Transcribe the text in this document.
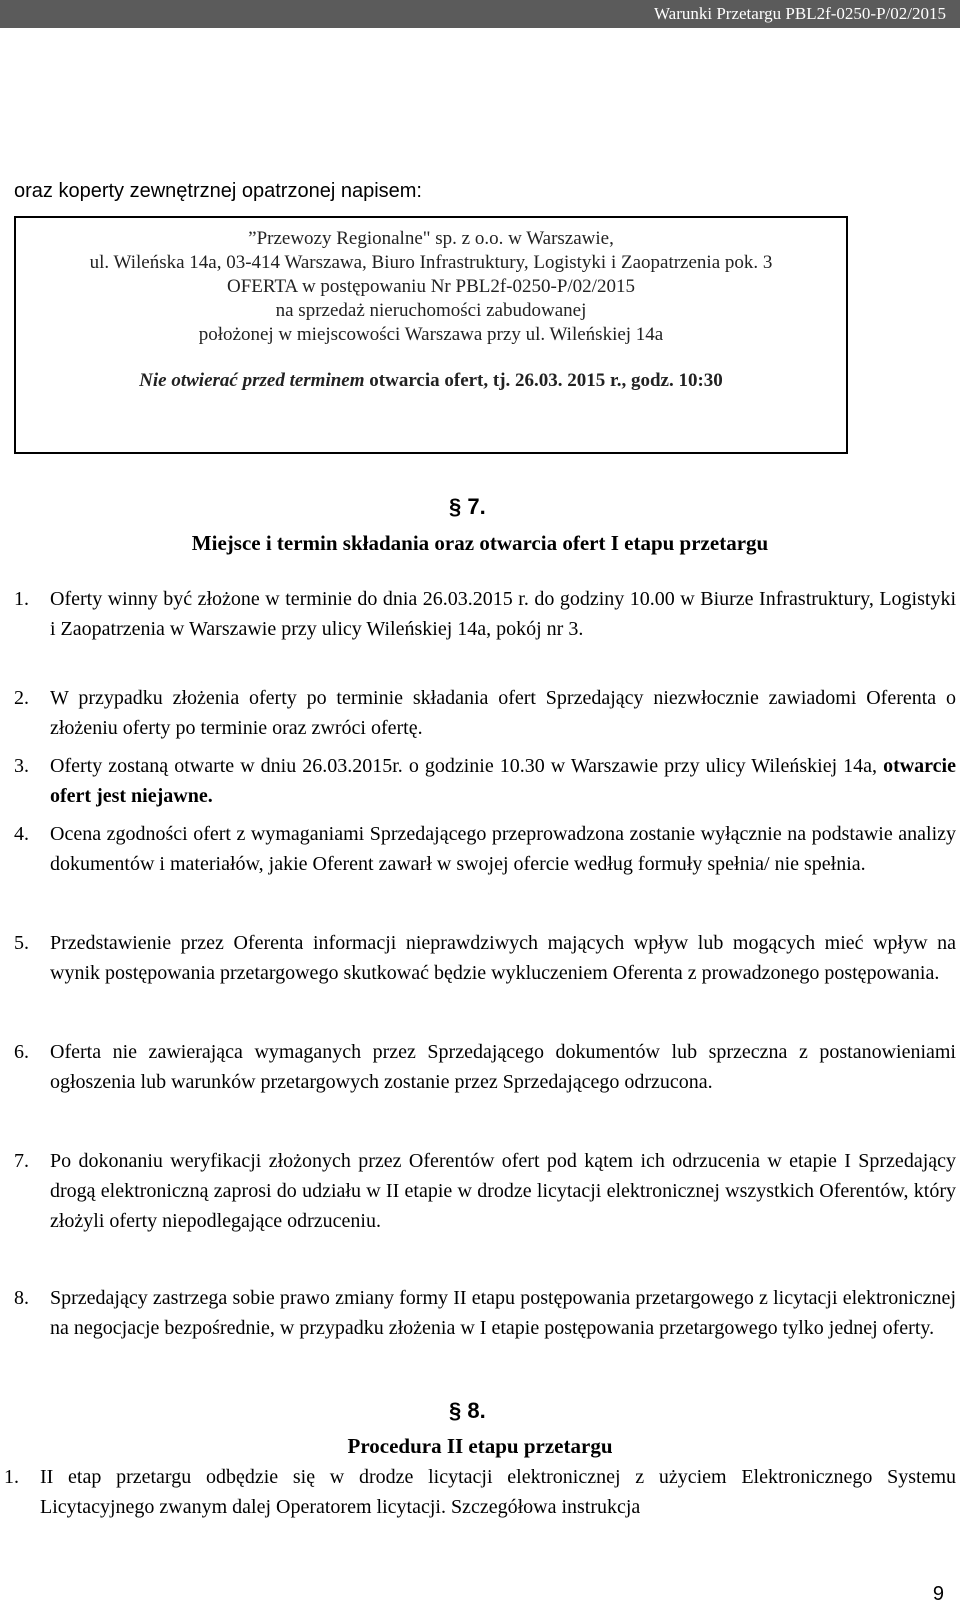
Warunki Przetargu PBL2f-0250-P/02/2015
oraz koperty zewnętrznej opatrzonej napisem:
”Przewozy Regionalne" sp. z o.o. w Warszawie,
ul. Wileńska 14a, 03-414 Warszawa, Biuro Infrastruktury, Logistyki i Zaopatrzenia pok. 3
OFERTA w postępowaniu Nr PBL2f-0250-P/02/2015
na sprzedaż nieruchomości zabudowanej
położonej w miejscowości Warszawa przy ul. Wileńskiej 14a
Nie otwierać przed terminem otwarcia ofert, tj. 26.03. 2015 r., godz. 10:30
§ 7.
Miejsce i termin składania oraz otwarcia ofert I etapu przetargu
1. Oferty winny być złożone w terminie do dnia 26.03.2015 r. do godziny 10.00 w Biurze Infrastruktury, Logistyki i Zaopatrzenia w Warszawie przy ulicy Wileńskiej 14a, pokój nr 3.
2. W przypadku złożenia oferty po terminie składania ofert Sprzedający niezwłocznie zawiadomi Oferenta o złożeniu oferty po terminie oraz zwróci ofertę.
3. Oferty zostaną otwarte w dniu 26.03.2015r. o godzinie 10.30 w Warszawie przy ulicy Wileńskiej 14a, otwarcie ofert jest niejawne.
4. Ocena zgodności ofert z wymaganiami Sprzedającego przeprowadzona zostanie wyłącznie na podstawie analizy dokumentów i materiałów, jakie Oferent zawarł w swojej ofercie według formuły spełnia/ nie spełnia.
5. Przedstawienie przez Oferenta informacji nieprawdziwych mających wpływ lub mogących mieć wpływ na wynik postępowania przetargowego skutkować będzie wykluczeniem Oferenta z prowadzonego postępowania.
6. Oferta nie zawierająca wymaganych przez Sprzedającego dokumentów lub sprzeczna z postanowieniami ogłoszenia lub warunków przetargowych zostanie przez Sprzedającego odrzucona.
7. Po dokonaniu weryfikacji złożonych przez Oferentów ofert pod kątem ich odrzucenia w etapie I Sprzedający drogą elektroniczną zaprosi do udziału w II etapie w drodze licytacji elektronicznej wszystkich Oferentów, który złożyli oferty niepodlegające odrzuceniu.
8. Sprzedający zastrzega sobie prawo zmiany formy II etapu postępowania przetargowego z licytacji elektronicznej na negocjacje bezpośrednie, w przypadku złożenia w I etapie postępowania przetargowego tylko jednej oferty.
§ 8.
Procedura II etapu przetargu
1. II etap przetargu odbędzie się w drodze licytacji elektronicznej z użyciem Elektronicznego Systemu Licytacyjnego zwanym dalej Operatorem licytacji. Szczegółowa instrukcja
9
